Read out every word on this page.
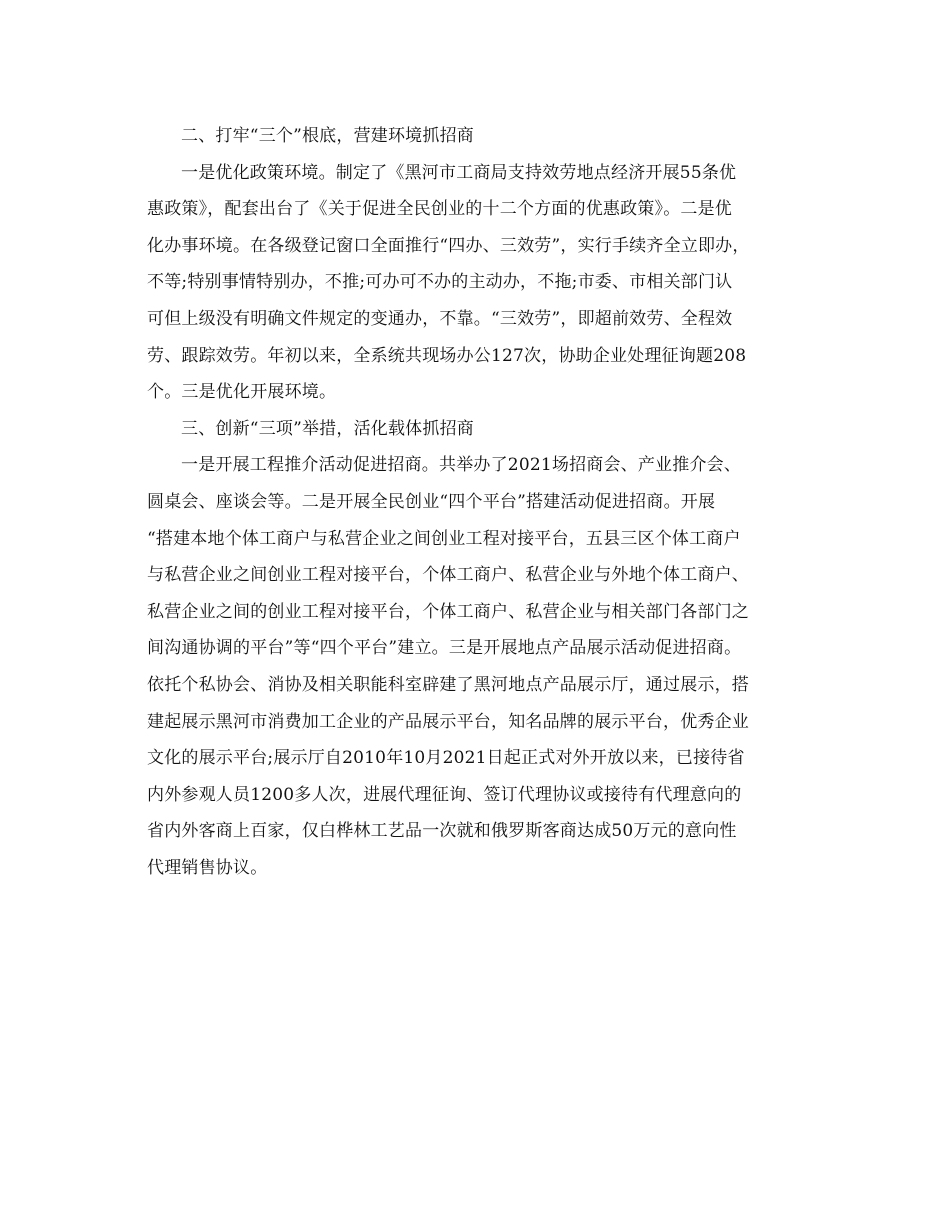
二、打牢“三个”根底，营建环境抓招商
一是优化政策环境。制定了《黑河市工商局支持效劳地点经济开展55条优
惠政策》，配套出台了《关于促进全民创业的十二个方面的优惠政策》。二是优
化办事环境。在各级登记窗口全面推行“四办、三效劳”，实行手续齐全立即办，
不等;特别事情特别办，不推;可办可不办的主动办，不拖;市委、市相关部门认
可但上级没有明确文件规定的变通办，不靠。“三效劳”，即超前效劳、全程效
劳、跟踪效劳。年初以来，全系统共现场办公127次，协助企业处理征询题208
个。三是优化开展环境。
三、创新“三项”举措，活化载体抓招商
一是开展工程推介活动促进招商。共举办了2021场招商会、产业推介会、
圆桌会、座谈会等。二是开展全民创业“四个平台”搭建活动促进招商。开展
“搭建本地个体工商户与私营企业之间创业工程对接平台，五县三区个体工商户
与私营企业之间创业工程对接平台，个体工商户、私营企业与外地个体工商户、
私营企业之间的创业工程对接平台，个体工商户、私营企业与相关部门各部门之
间沟通协调的平台”等“四个平台”建立。三是开展地点产品展示活动促进招商。
依托个私协会、消协及相关职能科室辟建了黑河地点产品展示厅，通过展示，搭
建起展示黑河市消费加工企业的产品展示平台，知名品牌的展示平台，优秀企业
文化的展示平台;展示厅自2010年10月2021日起正式对外开放以来，已接待省
内外参观人员1200多人次，进展代理征询、签订代理协议或接待有代理意向的
省内外客商上百家，仅白桦林工艺品一次就和俄罗斯客商达成50万元的意向性
代理销售协议。
